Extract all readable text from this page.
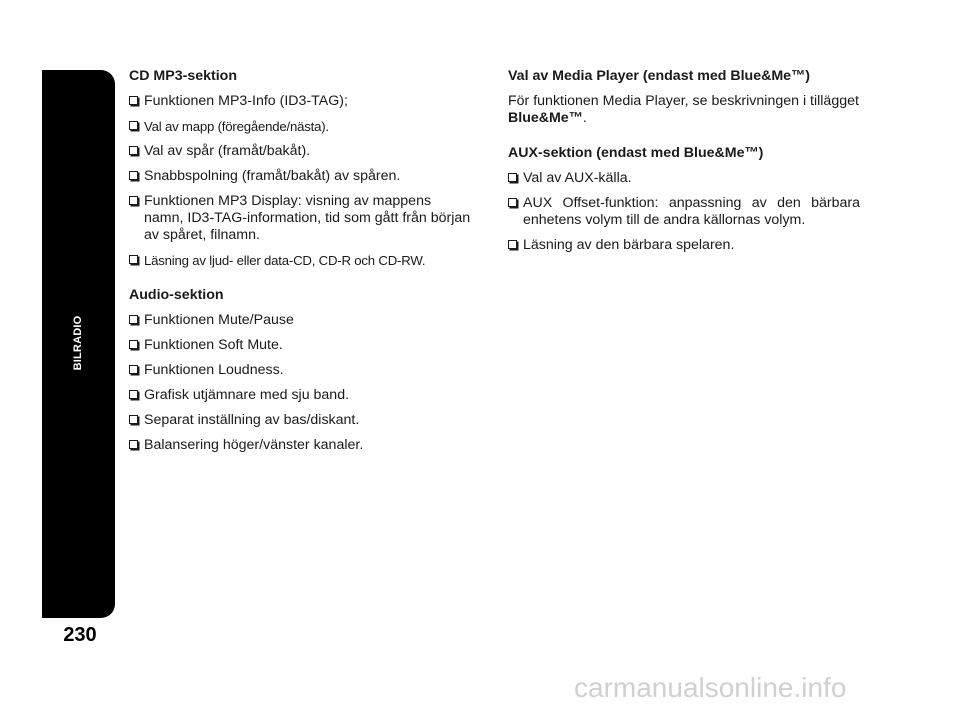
BILRADIO
230
CD MP3-sektion
Funktionen MP3-Info (ID3-TAG);
Val av mapp (föregående/nästa).
Val av spår (framåt/bakåt).
Snabbspolning (framåt/bakåt) av spåren.
Funktionen MP3 Display: visning av mappens namn, ID3-TAG-information, tid som gått från början av spåret, filnamn.
Läsning av ljud- eller data-CD, CD-R och CD-RW.
Audio-sektion
Funktionen Mute/Pause
Funktionen Soft Mute.
Funktionen Loudness.
Grafisk utjämnare med sju band.
Separat inställning av bas/diskant.
Balansering höger/vänster kanaler.
Val av Media Player (endast med Blue&Me™)
För funktionen Media Player, se beskrivningen i tillägget
Blue&Me™.
AUX-sektion (endast med Blue&Me™)
Val av AUX-källa.
AUX Offset-funktion: anpassning av den bärbara enhetens volym till de andra källornas volym.
Läsning av den bärbara spelaren.
carmanualsonline.info
